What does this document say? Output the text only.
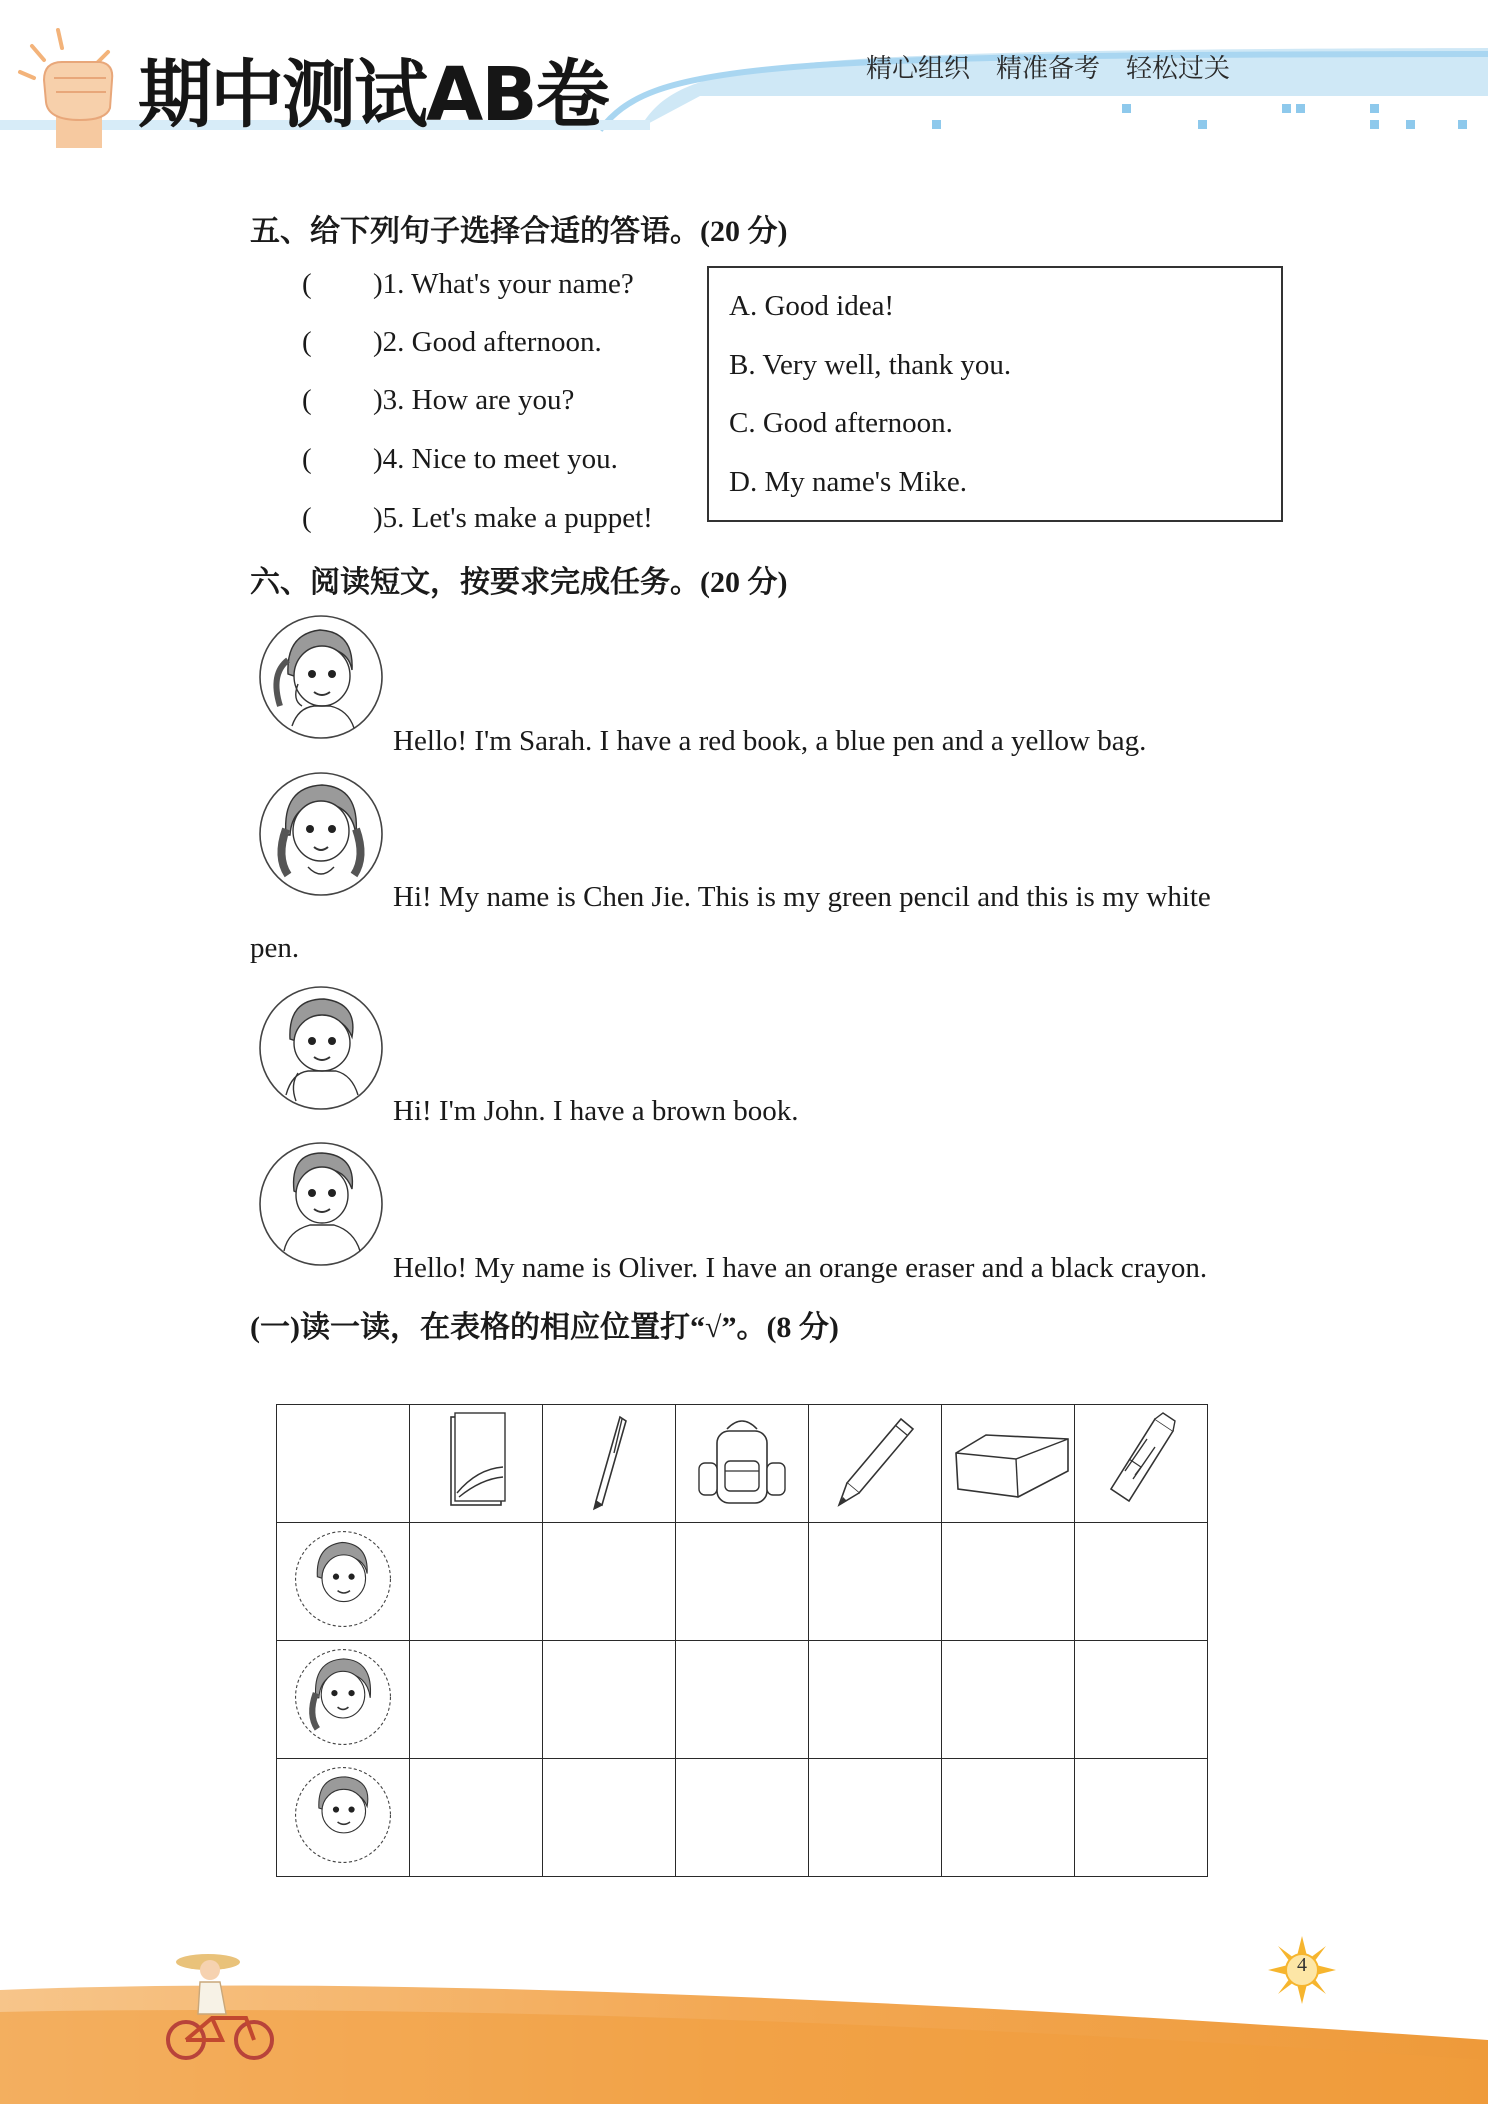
期中测试AB卷	精心组织 精准备考 轻松过关
五、给下列句子选择合适的答语。(20 分)
( )1. What's your name?
( )2. Good afternoon.
( )3. How are you?
( )4. Nice to meet you.
( )5. Let's make a puppet!
A. Good idea!
B. Very well, thank you.
C. Good afternoon.
D. My name's Mike.
六、阅读短文，按要求完成任务。(20 分)
Hello! I'm Sarah. I have a red book, a blue pen and a yellow bag.
Hi! My name is Chen Jie. This is my green pencil and this is my white
pen.
Hi! I'm John. I have a brown book.
Hello! My name is Oliver. I have an orange eraser and a black crayon.
(一)读一读，在表格的相应位置打“√”。(8 分)

4
